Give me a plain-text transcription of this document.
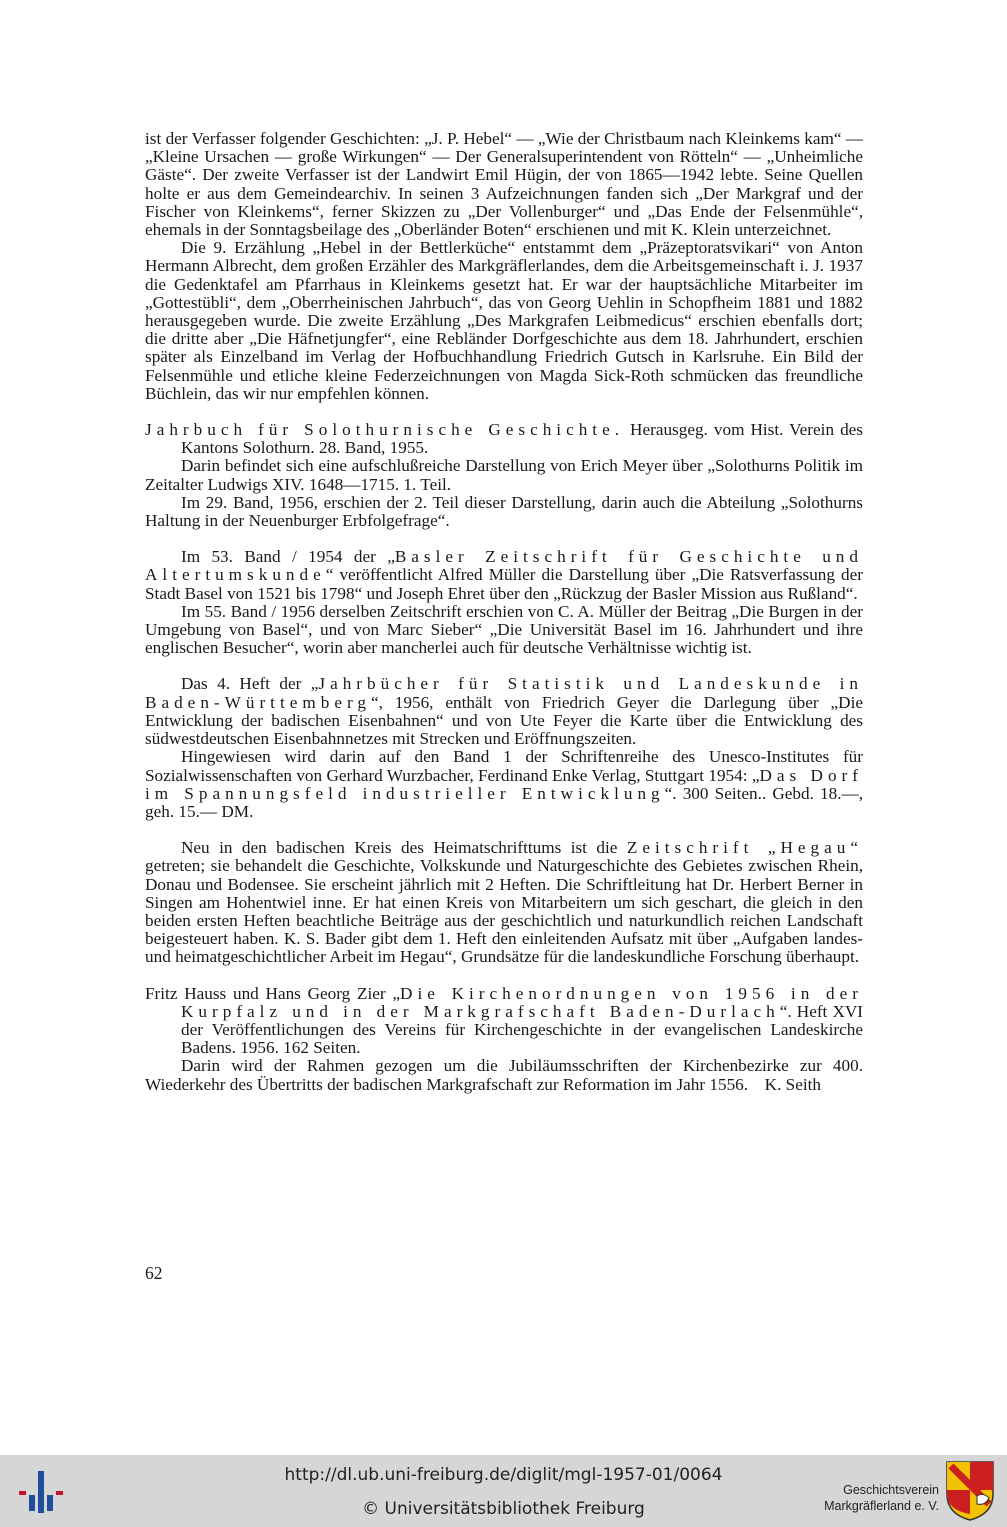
ist der Verfasser folgender Geschichten: „J. P. Hebel“ — „Wie der Christbaum nach Kleinkems kam“ — „Kleine Ursachen — große Wirkungen“ — Der Generalsuperintendent von Rötteln“ — „Unheimliche Gäste“. Der zweite Verfasser ist der Landwirt Emil Hügin, der von 1865—1942 lebte. Seine Quellen holte er aus dem Gemeindearchiv. In seinen 3 Aufzeichnungen fanden sich „Der Markgraf und der Fischer von Kleinkems“, ferner Skizzen zu „Der Vollenburger“ und „Das Ende der Felsenmühle“, ehemals in der Sonntagsbeilage des „Oberländer Boten“ erschienen und mit K. Klein unterzeichnet.

Die 9. Erzählung „Hebel in der Bettlerküche“ entstammt dem „Präzeptoratsvikari“ von Anton Hermann Albrecht, dem großen Erzähler des Markgräflerlandes, dem die Arbeitsgemeinschaft i. J. 1937 die Gedenktafel am Pfarrhaus in Kleinkems gesetzt hat. Er war der hauptsächliche Mitarbeiter im „Gottestübli“, dem „Oberrheinischen Jahrbuch“, das von Georg Uehlin in Schopfheim 1881 und 1882 herausgegeben wurde. Die zweite Erzählung „Des Markgrafen Leibmedicus“ erschien ebenfalls dort; die dritte aber „Die Häfnetjungfer“, eine Rebländer Dorfgeschichte aus dem 18. Jahrhundert, erschien später als Einzelband im Verlag der Hofbuchhandlung Friedrich Gutsch in Karlsruhe. Ein Bild der Felsenmühle und etliche kleine Federzeichnungen von Magda Sick-Roth schmücken das freundliche Büchlein, das wir nur empfehlen können.

Jahrbuch für Solothurnische Geschichte. Herausgeg. vom Hist. Verein des Kantons Solothurn. 28. Band, 1955.

Darin befindet sich eine aufschlußreiche Darstellung von Erich Meyer über „Solothurns Politik im Zeitalter Ludwigs XIV. 1648—1715. 1. Teil.

Im 29. Band, 1956, erschien der 2. Teil dieser Darstellung, darin auch die Abteilung „Solothurns Haltung in der Neuenburger Erbfolgefrage“.

Im 53. Band / 1954 der „Basler Zeitschrift für Geschichte und Altertumskunde“ veröffentlicht Alfred Müller die Darstellung über „Die Ratsverfassung der Stadt Basel von 1521 bis 1798“ und Joseph Ehret über den „Rückzug der Basler Mission aus Rußland“.

Im 55. Band / 1956 derselben Zeitschrift erschien von C. A. Müller der Beitrag „Die Burgen in der Umgebung von Basel“, und von Marc Sieber“ „Die Universität Basel im 16. Jahrhundert und ihre englischen Besucher“, worin aber mancherlei auch für deutsche Verhältnisse wichtig ist.

Das 4. Heft der „Jahrbücher für Statistik und Landeskunde in Baden-Württemberg“, 1956, enthält von Friedrich Geyer die Darlegung über „Die Entwicklung der badischen Eisenbahnen“ und von Ute Feyer die Karte über die Entwicklung des südwestdeutschen Eisenbahnnetzes mit Strecken und Eröffnungszeiten.

Hingewiesen wird darin auf den Band 1 der Schriftenreihe des Unesco-Institutes für Sozialwissenschaften von Gerhard Wurzbacher, Ferdinand Enke Verlag, Stuttgart 1954: „Das Dorf im Spannungsfeld industrieller Entwicklung“. 300 Seiten.. Gebd. 18.—, geh. 15.— DM.

Neu in den badischen Kreis des Heimatschrifttums ist die Zeitschrift „Hegau“ getreten; sie behandelt die Geschichte, Volkskunde und Naturgeschichte des Gebietes zwischen Rhein, Donau und Bodensee. Sie erscheint jährlich mit 2 Heften. Die Schriftleitung hat Dr. Herbert Berner in Singen am Hohentwiel inne. Er hat einen Kreis von Mitarbeitern um sich geschart, die gleich in den beiden ersten Heften beachtliche Beiträge aus der geschichtlich und naturkundlich reichen Landschaft beigesteuert haben. K. S. Bader gibt dem 1. Heft den einleitenden Aufsatz mit über „Aufgaben landes- und heimatgeschichtlicher Arbeit im Hegau“, Grundsätze für die landeskundliche Forschung überhaupt.

Fritz Hauss und Hans Georg Zier „Die Kirchenordnungen von 1956 in der Kurpfalz und in der Markgrafschaft Baden-Durlach“. Heft XVI der Veröffentlichungen des Vereins für Kirchengeschichte in der evangelischen Landeskirche Badens. 1956. 162 Seiten.

Darin wird der Rahmen gezogen um die Jubiläumsschriften der Kirchenbezirke zur 400. Wiederkehr des Übertritts der badischen Markgrafschaft zur Reformation im Jahr 1556. K. Seith

62
http://dl.ub.uni-freiburg.de/diglit/mgl-1957-01/0064
© Universitätsbibliothek Freiburg
Geschichtsverein
Markgräflerland e. V.
